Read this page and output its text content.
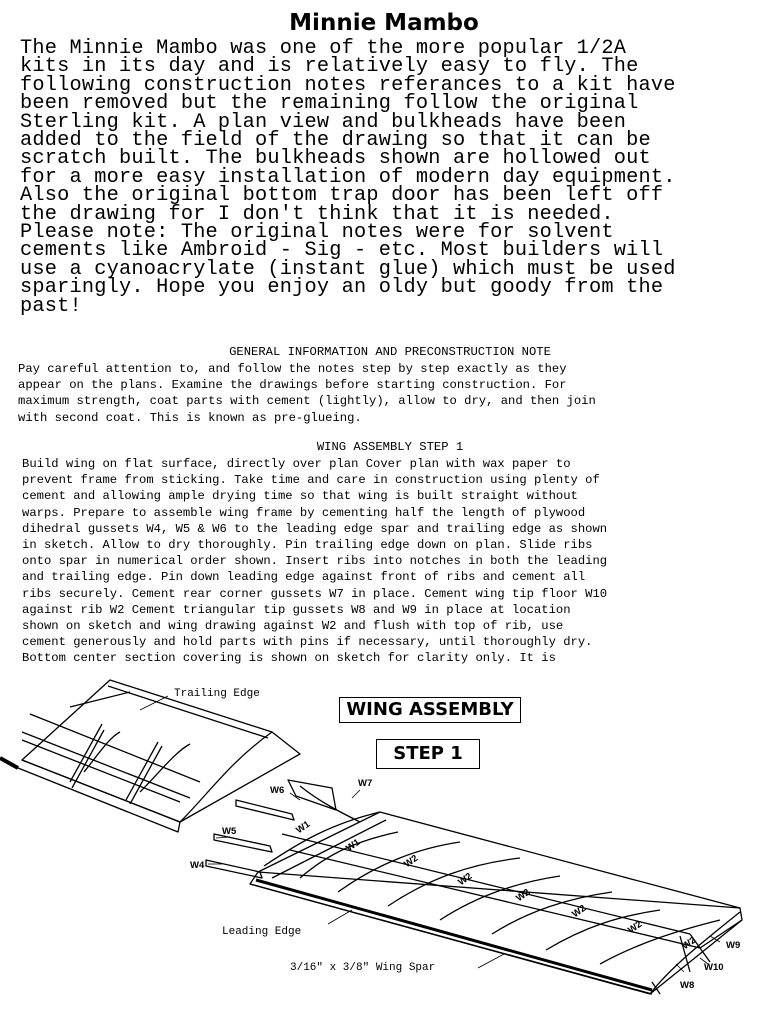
Minnie Mambo
The Minnie Mambo was one of the more popular 1/2A
kits in its day and is relatively easy to fly. The
following construction notes referances to a kit have
been removed but the remaining follow the original
Sterling kit. A plan view and bulkheads have been
added to the field of the drawing so that it can be
scratch built. The bulkheads shown are hollowed out
for a more easy installation of modern day equipment.
Also the original bottom trap door has been left off
the drawing for I don't think that it is needed.
Please note: The original notes were for solvent
cements like Ambroid - Sig - etc. Most builders will
use a cyanoacrylate (instant glue) which must be used
sparingly. Hope you enjoy an oldy but goody from the
past!
GENERAL INFORMATION AND PRECONSTRUCTION NOTE
Pay careful attention to, and follow the notes step by step exactly as they
appear on the plans. Examine the drawings before starting construction. For
maximum strength, coat parts with cement (lightly), allow to dry, and then join
with second coat. This is known as pre-glueing.
WING ASSEMBLY STEP 1
Build wing on flat surface, directly over plan Cover plan with wax paper to
prevent frame from sticking. Take time and care in construction using plenty of
cement and allowing ample drying time so that wing is built straight without
warps. Prepare to assemble wing frame by cementing half the length of plywood
dihedral gussets W4, W5 & W6 to the leading edge spar and trailing edge as shown
in sketch. Allow to dry thoroughly. Pin trailing edge down on plan. Slide ribs
onto spar in numerical order shown. Insert ribs into notches in both the leading
and trailing edge. Pin down leading edge against front of ribs and cement all
ribs securely. Cement rear corner gussets W7 in place. Cement wing tip floor W10
against rib W2 Cement triangular tip gussets W8 and W9 in place at location
shown on sketch and wing drawing against W2 and flush with top of rib, use
cement generously and hold parts with pins if necessary, until thoroughly dry.
Bottom center section covering is shown on sketch for clarity only. It is
Trailing Edge
Leading Edge
3/16" x 3/8" Wing Spar
WING ASSEMBLY
STEP 1
W4
W5
W6
W7
W9
W10
W8
W1
W1
W2
W2
W2
W2
W2
W2
